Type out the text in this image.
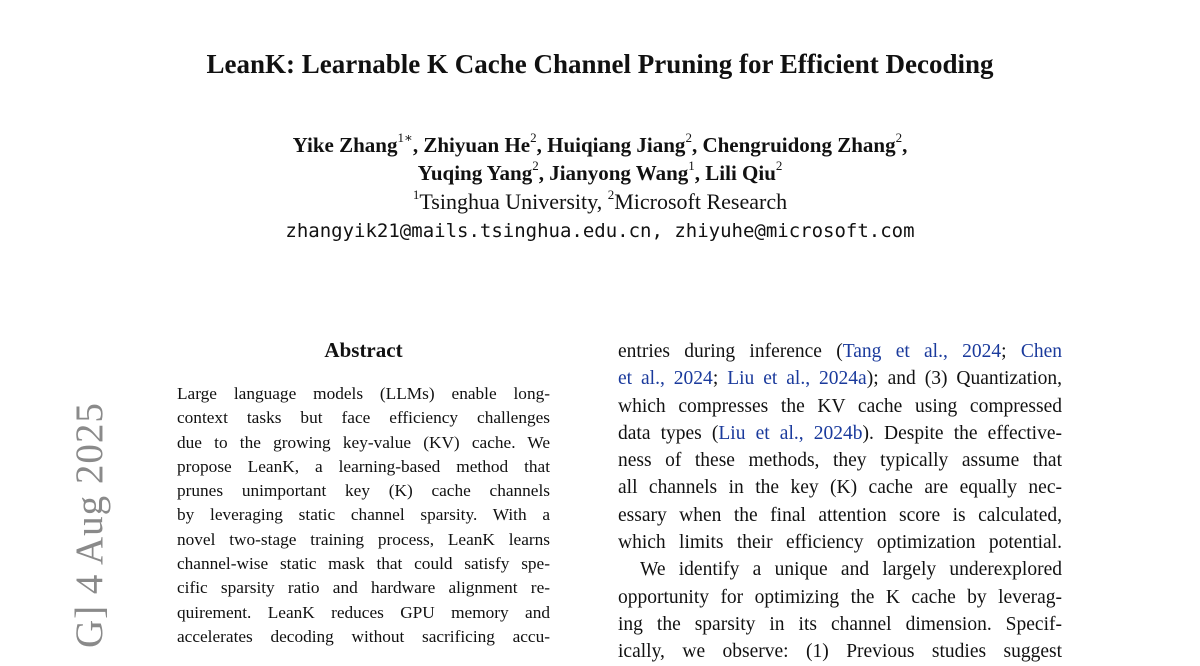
G] 4 Aug 2025
LeanK: Learnable K Cache Channel Pruning for Efficient Decoding
Yike Zhang$^{1∗}$, Zhiyuan He$^2$, Huiqiang Jiang$^2$, Chengruidong Zhang$^2$,
Yuqing Yang$^2$, Jianyong Wang$^1$, Lili Qiu$^2$
$^1$Tsinghua University, $^2$Microsoft Research
zhangyik21@mails.tsinghua.edu.cn, zhiyuhe@microsoft.com
Abstract
Large language models (LLMs) enable long-
context tasks but face efficiency challenges
due to the growing key-value (KV) cache. We
propose LeanK, a learning-based method that
prunes unimportant key (K) cache channels
by leveraging static channel sparsity. With a
novel two-stage training process, LeanK learns
channel-wise static mask that could satisfy spe-
cific sparsity ratio and hardware alignment re-
quirement. LeanK reduces GPU memory and
accelerates decoding without sacrificing accu-
entries during inference (Tang et al., 2024; Chen
et al., 2024; Liu et al., 2024a); and (3) Quantization,
which compresses the KV cache using compressed
data types (Liu et al., 2024b). Despite the effective-
ness of these methods, they typically assume that
all channels in the key (K) cache are equally nec-
essary when the final attention score is calculated,
which limits their efficiency optimization potential.
We identify a unique and largely underexplored
opportunity for optimizing the K cache by leverag-
ing the sparsity in its channel dimension. Specif-
ically, we observe: (1) Previous studies suggest
